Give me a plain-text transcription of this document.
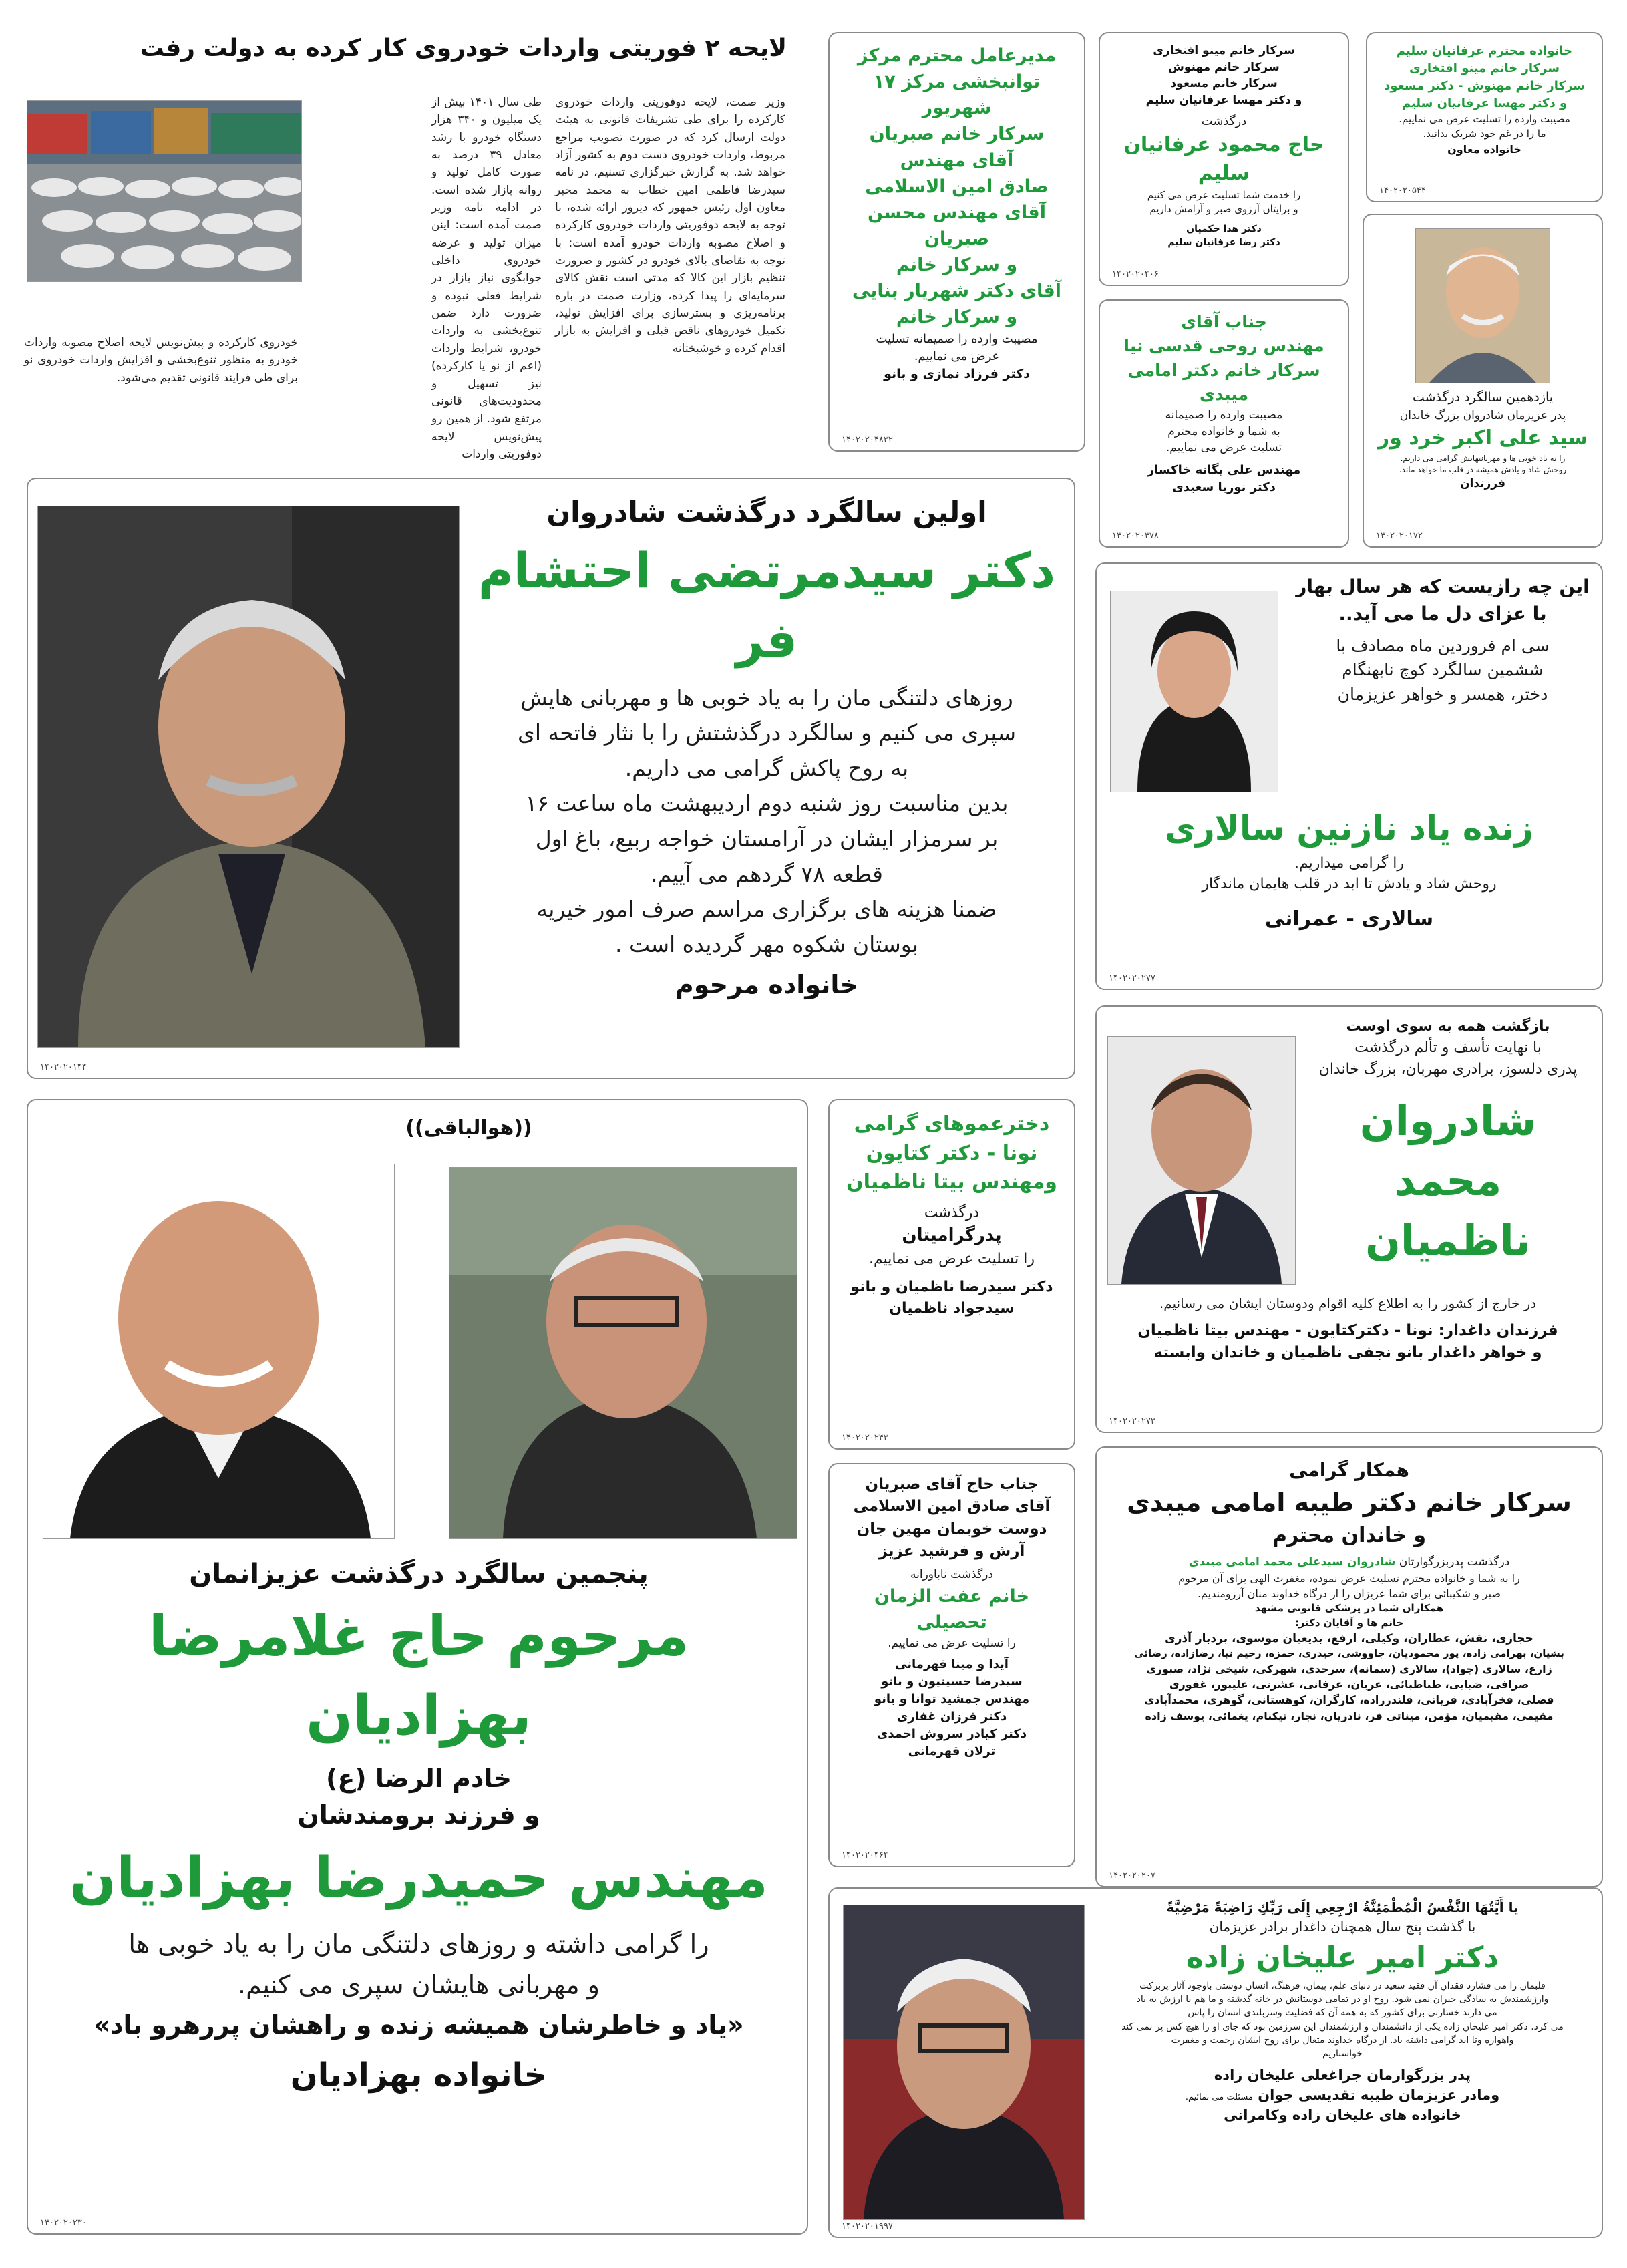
لایحه ۲ فوریتی واردات خودروی کار کرده به دولت رفت
وزیر صمت، لایحه دوفوریتی واردات خودروی کارکرده را برای طی تشریفات قانونی به هیئت دولت ارسال کرد که در صورت تصویب مراجع مربوط، واردات خودروی دست دوم به کشور آزاد خواهد شد. به گزارش خبرگزاری تسنیم، در نامه سیدرضا فاطمی امین خطاب به محمد مخبر معاون اول رئیس جمهور که دیروز ارائه شده، با توجه به لایحه دوفوریتی واردات خودروی کارکرده و اصلاح مصوبه واردات خودرو آمده است: با توجه به تقاضای بالای خودرو در کشور و ضرورت تنظیم بازار این کالا که مدتی است نقش کالای سرمایه‌ای را پیدا کرده، وزارت صمت در باره برنامه‌ریزی و بسترسازی برای افزایش تولید، تکمیل خودروهای ناقص قبلی و افزایش به بازار اقدام کرده و خوشبختانه
طی سال ۱۴۰۱ بیش از یک میلیون و ۳۴۰ هزار دستگاه خودرو با رشد معادل ۳۹ درصد به صورت کامل تولید و روانه بازار شده است. در ادامه نامه وزیر صمت آمده است: اینن میزان تولید و عرضه خودروی داخلی جوابگوی نیاز بازار در شرایط فعلی نبوده و ضرورت دارد ضمن تنوع‌بخشی به واردات خودرو، شرایط واردات (اعم از نو یا کارکرده) نیز تسهیل و محدودیت‌های قانونی مرتفع شود. از همین رو پیش‌نویس لایحه دوفوریتی واردات
خودروی کارکرده و پیش‌نویس لایحه اصلاح مصوبه واردات خودرو به منظور تنوع‌بخشی و افزایش واردات خودروی نو برای طی فرایند قانونی تقدیم می‌شود.
خانواده محترم عرفانیان سلیم
سرکار خانم مینو افتخاری
سرکار خانم مهنوش - دکتر مسعود
و دکتر مهسا عرفانیان سلیم
مصیبت وارده را تسلیت عرض می نماییم.
ما را در غم خود شریک بدانید.
خانواده معاون
۱۴۰۲۰۲۰۵۴۴
سرکار خانم مینو افتخاری
سرکار خانم مهنوش
سرکار خانم مسعود
و دکتر مهسا عرفانیان سلیم
درگذشت
حاج محمود عرفانیان سلیم
را خدمت شما تسلیت عرض می کنیم
و برایتان آرزوی صبر و آرامش داریم
دکتر هدا حکمیان
دکتر رضا عرفانیان سلیم
۱۴۰۲۰۲۰۴۰۶
مدیرعامل محترم مرکز
توانبخشی مرکز ۱۷ شهریور
سرکار خانم صبریان
آقای مهندس
صادق امین الاسلامی
آقای مهندس محسن صبریان
و سرکار خانم
آقای دکتر شهریار بنایی
و سرکار خانم
مصیبت وارده را صمیمانه تسلیت
عرض می نماییم.
دکتر فرزاد نمازی و بانو
۱۴۰۲۰۲۰۴۸۳۲
یازدهمین سالگرد درگذشت
پدر عزیزمان شادروان بزرگ خاندان
سید علی اکبر خرد ور
را به یاد خوبی ها و مهربانیهایش گرامی می داریم.
روحش شاد و یادش همیشه در قلب ما خواهد ماند.
فرزندان
۱۴۰۲۰۲۰۱۷۲
جناب آقای
مهندس روحی قدسی نیا
سرکار خانم دکتر امامی میبدی
مصیبت وارده را صمیمانه
به شما و خانواده محترم
تسلیت عرض می نماییم.
مهندس علی یگانه خاکسار
دکتر نوریا سعیدی
۱۴۰۲۰۲۰۴۷۸
اولین سالگرد درگذشت شادروان
دکتر سیدمرتضی احتشام فر
روزهای دلتنگی مان را به یاد خوبی ها و مهربانی هایش
سپری می کنیم و سالگرد درگذشتش را با نثار فاتحه ای
به روح پاکش گرامی می داریم.
بدین مناسبت روز شنبه دوم اردیبهشت ماه ساعت ۱۶
بر سرمزار ایشان در آرامستان خواجه ربیع، باغ اول
قطعه ۷۸ گردهم می آییم.
ضمنا هزینه های برگزاری مراسم صرف امور خیریه
بوستان شکوه مهر گردیده است .
خانواده مرحوم
۱۴۰۲۰۲۰۱۴۴
این چه رازیست که هر سال بهار
با عزای دل ما می آید..
سی ام فروردین ماه مصادف با
ششمین سالگرد کوچ نابهنگام
دختر، همسر و خواهر عزیزمان
زنده یاد نازنین سالاری
را گرامی میداریم.
روحش شاد و یادش تا ابد در قلب هایمان ماندگار
سالاری - عمرانی
۱۴۰۲۰۲۰۲۷۷
((هوالباقی))
پنجمین سالگرد درگذشت عزیزانمان
مرحوم حاج غلامرضا بهزادیان
خادم الرضا (ع)
و فرزند برومندشان
مهندس حمیدرضا بهزادیان
را گرامی داشته و روزهای دلتنگی مان را به یاد خوبی ها
و مهربانی هایشان سپری می کنیم.
«یاد و خاطرشان همیشه زنده و راهشان پررهرو باد»
خانواده بهزادیان
۱۴۰۲۰۲۰۲۳۰
دخترعموهای گرامی
نونا - دکتر کتایون
ومهندس بیتا ناظمیان
درگذشت
پدرگرامیتان
را تسلیت عرض می نماییم.
دکتر سیدرضا ناظمیان و بانو
سیدجواد ناظمیان
۱۴۰۲۰۲۰۲۴۳
بازگشت همه به سوی اوست
با نهایت تأسف و تألم درگذشت
پدری دلسوز، برادری مهربان، بزرگ خاندان
شادروان
محمد ناظمیان
در خارج از کشور را به اطلاع کلیه اقوام ودوستان ایشان می رسانیم.
فرزندان داغدار: نونا - دکترکتایون - مهندس بیتا ناظمیان
و خواهر داغدار بانو نجفی ناظمیان و خاندان وابسته
۱۴۰۲۰۲۰۲۷۳
جناب حاج آقای صبریان
آقای صادق امین الاسلامی
دوست خوبمان مهین جان
آرش و فرشید عزیز
درگذشت ناباورانه
خانم عفت الزمان تحصیلی
را تسلیت عرض می نماییم.
آیدا و مینا قهرمانی
سیدرضا حسینیون و بانو
مهندس جمشید توانا و بانو
دکتر فرزان غفاری
دکتر کیادر سروش احمدی
ترلان قهرمانی
۱۴۰۲۰۲۰۴۶۴
همکار گرامی
سرکار خانم دکتر طیبه امامی میبدی
و خاندان محترم
درگذشت پدربزرگوارتان شادروان سیدعلی محمد امامی میبدی
را به شما و خانواده محترم تسلیت عرض نموده، مغفرت الهی برای آن مرحوم
صبر و شکیبائی برای شما عزیزان را از درگاه خداوند منان آرزومندیم.
همکاران شما در پزشکی قانونی مشهد
خانم ها و آقایان دکتر:
حجازی، نقش، عطاران، وکیلی، ارفع، بدیعیان موسوی، بردبار آذری
بشیان، بهرامی زاده، پور محمودیان، جاووشی، حیدری، حمزه، رحیم نیا، رضازاده، رضائی
زارع، سالاری (جواد)، سالاری (سمانه)، سرحدی، شهرکی، شیخی نژاد، صبوری
صرافی، ضیایی، طباطبائی، عربان، عرفانی، عشرتی، علیپور، غفوری
فضلی، فخرآبادی، قربانی، قلندرزاده، کارگران، کوهستانی، گوهری، محمدآبادی
مقیمی، مقیمیان، مؤمن، میناتی فر، نادریان، نجار، نیکنام، یغمائی، یوسف زاده
۱۴۰۲۰۲۰۲۰۷
یا أَيَّتُهَا النَّفْسُ الْمُطْمَئِنَّةُ ارْجِعِي إِلَى رَبِّكِ رَاضِيَةً مَرْضِيَّةً
با گذشت پنج سال همچنان داغدار برادر عزیزمان
دکتر امیر علیخان زاده
قلبمان را می فشارد فقدان آن فقید سعید در دنیای علم، پیمان، فرهنگ، انسان دوستی باوجود آثار پربرکت
وارزشمندش به سادگی جبران نمی شود. روح او در تمامی دوستانش در خانه گذشته و ما هم با ارزش به یاد
می دارند خسارتی برای کشور که به همه آن که فضلیت وسربلندی انسان را پاس
می کرد. دکتر امیر علیخان زاده یکی از دانشمندان و ارزشمندان این سرزمین بود که جای او را هیچ کس پر نمی کند
واهواره وتا ابد گرامی داشته باد. از درگاه خداوند متعال برای روح ایشان رحمت و مغفرت
خواستاریم
پدر بزرگوارمان جراغعلی علیخان زاده
ومادر عزیزمان طیبه تقدیسی جوان مسئلت می نمائیم.
خانواده های علیخان زاده وکامرانی
۱۴۰۲۰۲۰۱۹۹۷
